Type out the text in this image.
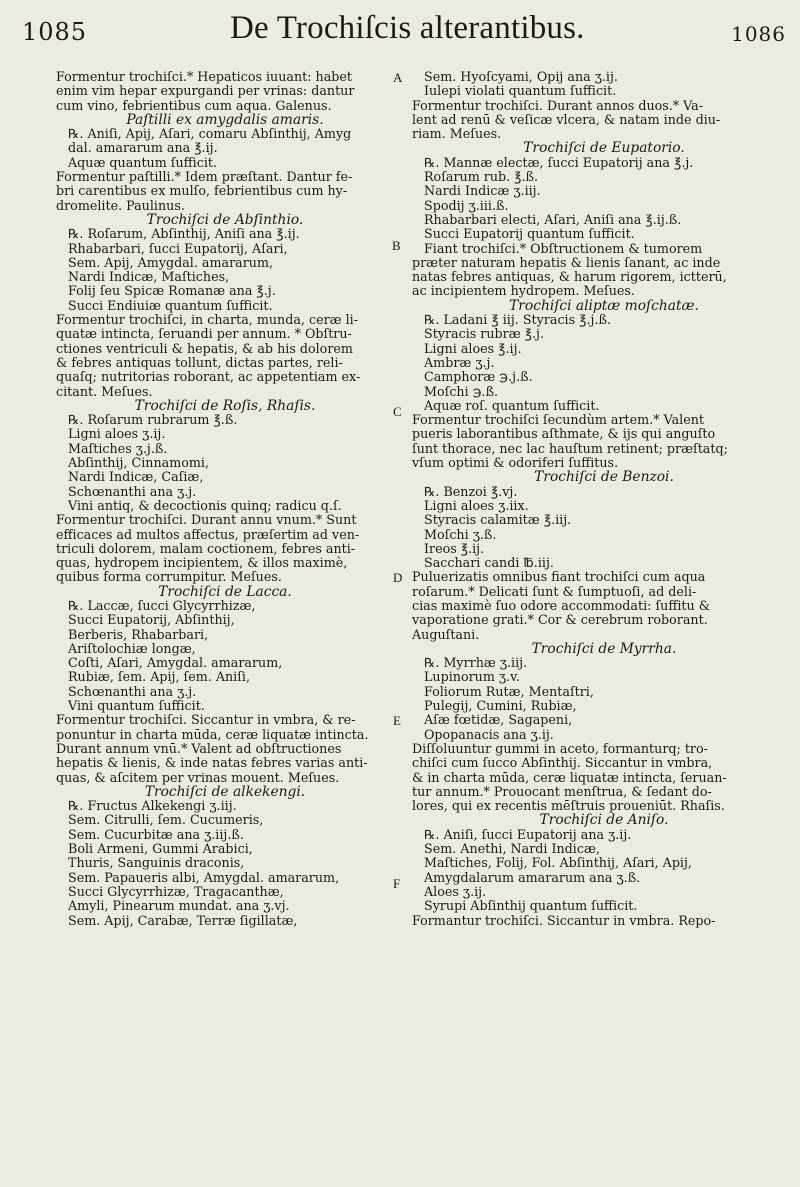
1085	De Trochiſcis alterantibus.	1086
Formentur trochiſci.* Hepaticos iuuant: habet
enim vim hepar expurgandi per vrinas: dantur
cum vino, febrientibus cum aqua. Galenus.
Paſtilli ex amygdalis amaris.
℞. Aniſi, Apij, Aſari, comaru Abſinthij, Amyg
dal. amararum ana ℥.ij.
Aquæ quantum ſufficit.
Formentur paſtilli.* Idem præſtant. Dantur fe-
bri carentibus ex mulſo, febrientibus cum hy-
dromelite. Paulinus.
Trochiſci de Abſinthio.
℞. Roſarum, Abſinthij, Aniſi ana ℥.ij.
Rhabarbari, ſucci Eupatorij, Aſari,
Sem. Apij, Amygdal. amararum,
Nardi Indicæ, Maſtiches,
Folij ſeu Spicæ Romanæ ana ℥.j.
Succi Endiuiæ quantum ſufficit.
Formentur trochiſci, in charta, munda, ceræ li-
quatæ intincta, ſeruandi per annum. * Obſtru-
ctiones ventriculi & hepatis, & ab his dolorem
& febres antiquas tollunt, dictas partes, reli-
quaſq; nutritorias roborant, ac appetentiam ex-
citant. Meſues.
Trochiſci de Roſis, Rhaſis.
℞. Roſarum rubrarum ℥.ß.
Ligni aloes ʒ.ij.
Maſtiches ʒ.j.ß.
Abſinthij, Cinnamomi,
Nardi Indicæ, Caſiæ,
Schœnanthi ana ʒ.j.
Vini antiq, & decoctionis quinq; radicu q.ſ.
Formentur trochiſci. Durant annu vnum.* Sunt
efficaces ad multos affectus, præſertim ad ven-
triculi dolorem, malam coctionem, febres anti-
quas, hydropem incipientem, & illos maximè,
quibus forma corrumpitur. Meſues.
Trochiſci de Lacca.
℞. Laccæ, ſucci Glycyrrhizæ,
Succi Eupatorij, Abſinthij,
Berberis, Rhabarbari,
Ariſtolochiæ longæ,
Coſti, Aſari, Amygdal. amararum,
Rubiæ, ſem. Apij, ſem. Aniſi,
Schœnanthi ana ʒ.j.
Vini quantum ſufficit.
Formentur trochiſci. Siccantur in vmbra, & re-
ponuntur in charta mūda, ceræ liquatæ intincta.
Durant annum vnū.* Valent ad obſtructiones
hepatis & lienis, & inde natas febres varias anti-
quas, & aſcitem per vrinas mouent. Meſues.
Trochiſci de alkekengi.
℞. Fructus Alkekengi ʒ.iij.
Sem. Citrulli, ſem. Cucumeris,
Sem. Cucurbitæ ana ʒ.iij.ß.
Boli Armeni, Gummi Arabici,
Thuris, Sanguinis draconis,
Sem. Papaueris albi, Amygdal. amararum,
Succi Glycyrrhizæ, Tragacanthæ,
Amyli, Pinearum mundat. ana ʒ.vj.
Sem. Apij, Carabæ, Terræ ſigillatæ,
Sem. Hyoſcyami, Opij ana ʒ.ij.
Iulepi violati quantum ſufficit.
Formentur trochiſci. Durant annos duos.* Va-
lent ad renū & veſicæ vlcera, & natam inde diu-
riam. Meſues.
Trochiſci de Eupatorio.
℞. Mannæ electæ, ſucci Eupatorij ana ℥.j.
Roſarum rub. ℥.ß.
Nardi Indicæ ʒ.iij.
Spodij ʒ.iii.ß.
Rhabarbari electi, Aſari, Aniſi ana ℥.ij.ß.
Succi Eupatorij quantum ſufficit.
Fiant trochiſci.* Obſtructionem & tumorem
præter naturam hepatis & lienis ſanant, ac inde
natas febres antiquas, & harum rigorem, ictterū,
ac incipientem hydropem. Meſues.
Trochiſci aliptæ moſchatæ.
℞. Ladani ℥ iij. Styracis ℥.j.ß.
Styracis rubræ ℥.j.
Ligni aloes ℥.ij.
Ambræ ʒ.j.
Camphoræ ℈.j.ß.
Moſchi ℈.ß.
Aquæ roſ. quantum ſufficit.
Formentur trochiſci ſecundùm artem.* Valent
pueris laborantibus aſthmate, & ijs qui anguſto
ſunt thorace, nec lac hauſtum retinent; præſtatq;
vſum optimi & odoriferi ſuffitus.
Trochiſci de Benzoi.
℞. Benzoi ℥.vj.
Ligni aloes ʒ.iix.
Styracis calamitæ ℥.iij.
Moſchi ʒ.ß.
Ireos ℥.ij.
Sacchari candi ℔.iij.
Puluerizatis omnibus fiant trochiſci cum aqua
roſarum.* Delicati ſunt & ſumptuoſi, ad deli-
cias maximè ſuo odore accommodati: ſuffitu &
vaporatione grati.* Cor & cerebrum roborant.
Auguſtani.
Trochiſci de Myrrha.
℞. Myrrhæ ʒ.iij.
Lupinorum ʒ.v.
Foliorum Rutæ, Mentaſtri,
Pulegij, Cumini, Rubiæ,
Aſæ fœtidæ, Sagapeni,
Opopanacis ana ʒ.ij.
Diſſoluuntur gummi in aceto, formanturq; tro-
chiſci cum ſucco Abſinthij. Siccantur in vmbra,
& in charta mūda, ceræ liquatæ intincta, ſeruan-
tur annum.* Prouocant menſtrua, & ſedant do-
lores, qui ex recentis mēſtruis proueniūt. Rhaſis.
Trochiſci de Aniſo.
℞. Aniſi, ſucci Eupatorij ana ʒ.ij.
Sem. Anethi, Nardi Indicæ,
Maſtiches, Folij, Fol. Abſinthij, Aſari, Apij,
Amygdalarum amararum ana ʒ.ß.
Aloes ʒ.ij.
Syrupi Abſinthij quantum ſufficit.
Formantur trochiſci. Siccantur in vmbra. Repo-
A
B
C
D
E
F
